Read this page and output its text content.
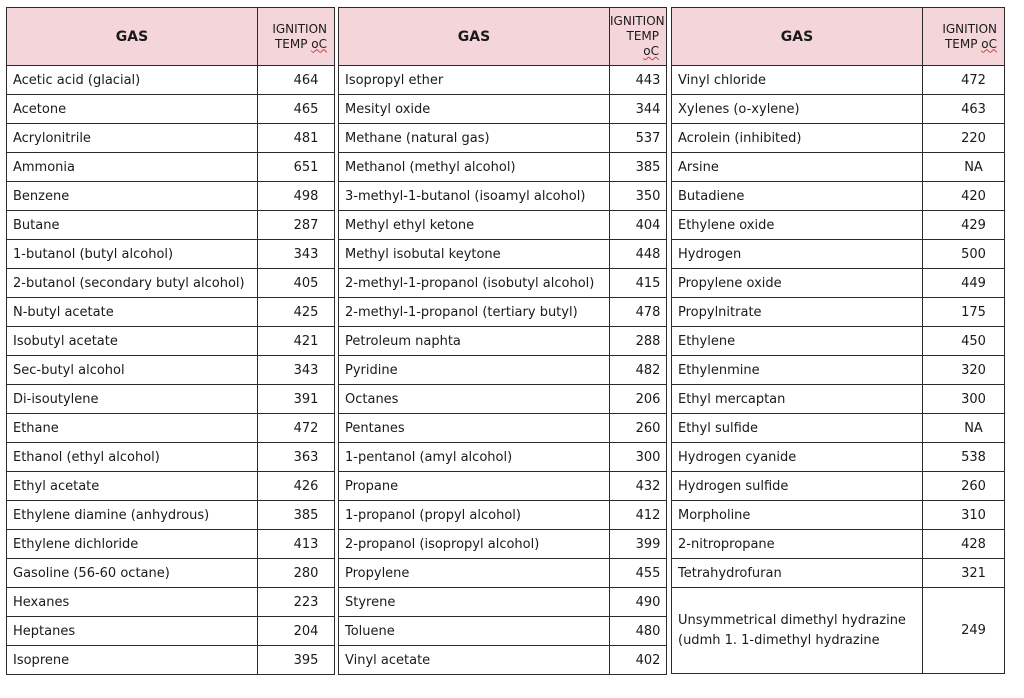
GAS	IGNITION
TEMP oC
Acetic acid (glacial)	464
Acetone	465
Acrylonitrile	481
Ammonia	651
Benzene	498
Butane	287
1-butanol (butyl alcohol)	343
2-butanol (secondary butyl alcohol)	405
N-butyl acetate	425
Isobutyl acetate	421
Sec-butyl alcohol	343
Di-isoutylene	391
Ethane	472
Ethanol (ethyl alcohol)	363
Ethyl acetate	426
Ethylene diamine (anhydrous)	385
Ethylene dichloride	413
Gasoline (56-60 octane)	280
Hexanes	223
Heptanes	204
Isoprene	395
GAS	IGNITION
TEMP oC
Isopropyl ether	443
Mesityl oxide	344
Methane (natural gas)	537
Methanol (methyl alcohol)	385
3-methyl-1-butanol (isoamyl alcohol)	350
Methyl ethyl ketone	404
Methyl isobutal keytone	448
2-methyl-1-propanol (isobutyl alcohol)	415
2-methyl-1-propanol (tertiary butyl)	478
Petroleum naphta	288
Pyridine	482
Octanes	206
Pentanes	260
1-pentanol (amyl alcohol)	300
Propane	432
1-propanol (propyl alcohol)	412
2-propanol (isopropyl alcohol)	399
Propylene	455
Styrene	490
Toluene	480
Vinyl acetate	402
GAS	IGNITION
TEMP oC
Vinyl chloride	472
Xylenes (o-xylene)	463
Acrolein (inhibited)	220
Arsine	NA
Butadiene	420
Ethylene oxide	429
Hydrogen	500
Propylene oxide	449
Propylnitrate	175
Ethylene	450
Ethylenmine	320
Ethyl mercaptan	300
Ethyl sulfide	NA
Hydrogen cyanide	538
Hydrogen sulfide	260
Morpholine	310
2-nitropropane	428
Tetrahydrofuran	321
Unsymmetrical dimethyl hydrazine (udmh 1. 1-dimethyl hydrazine	249
